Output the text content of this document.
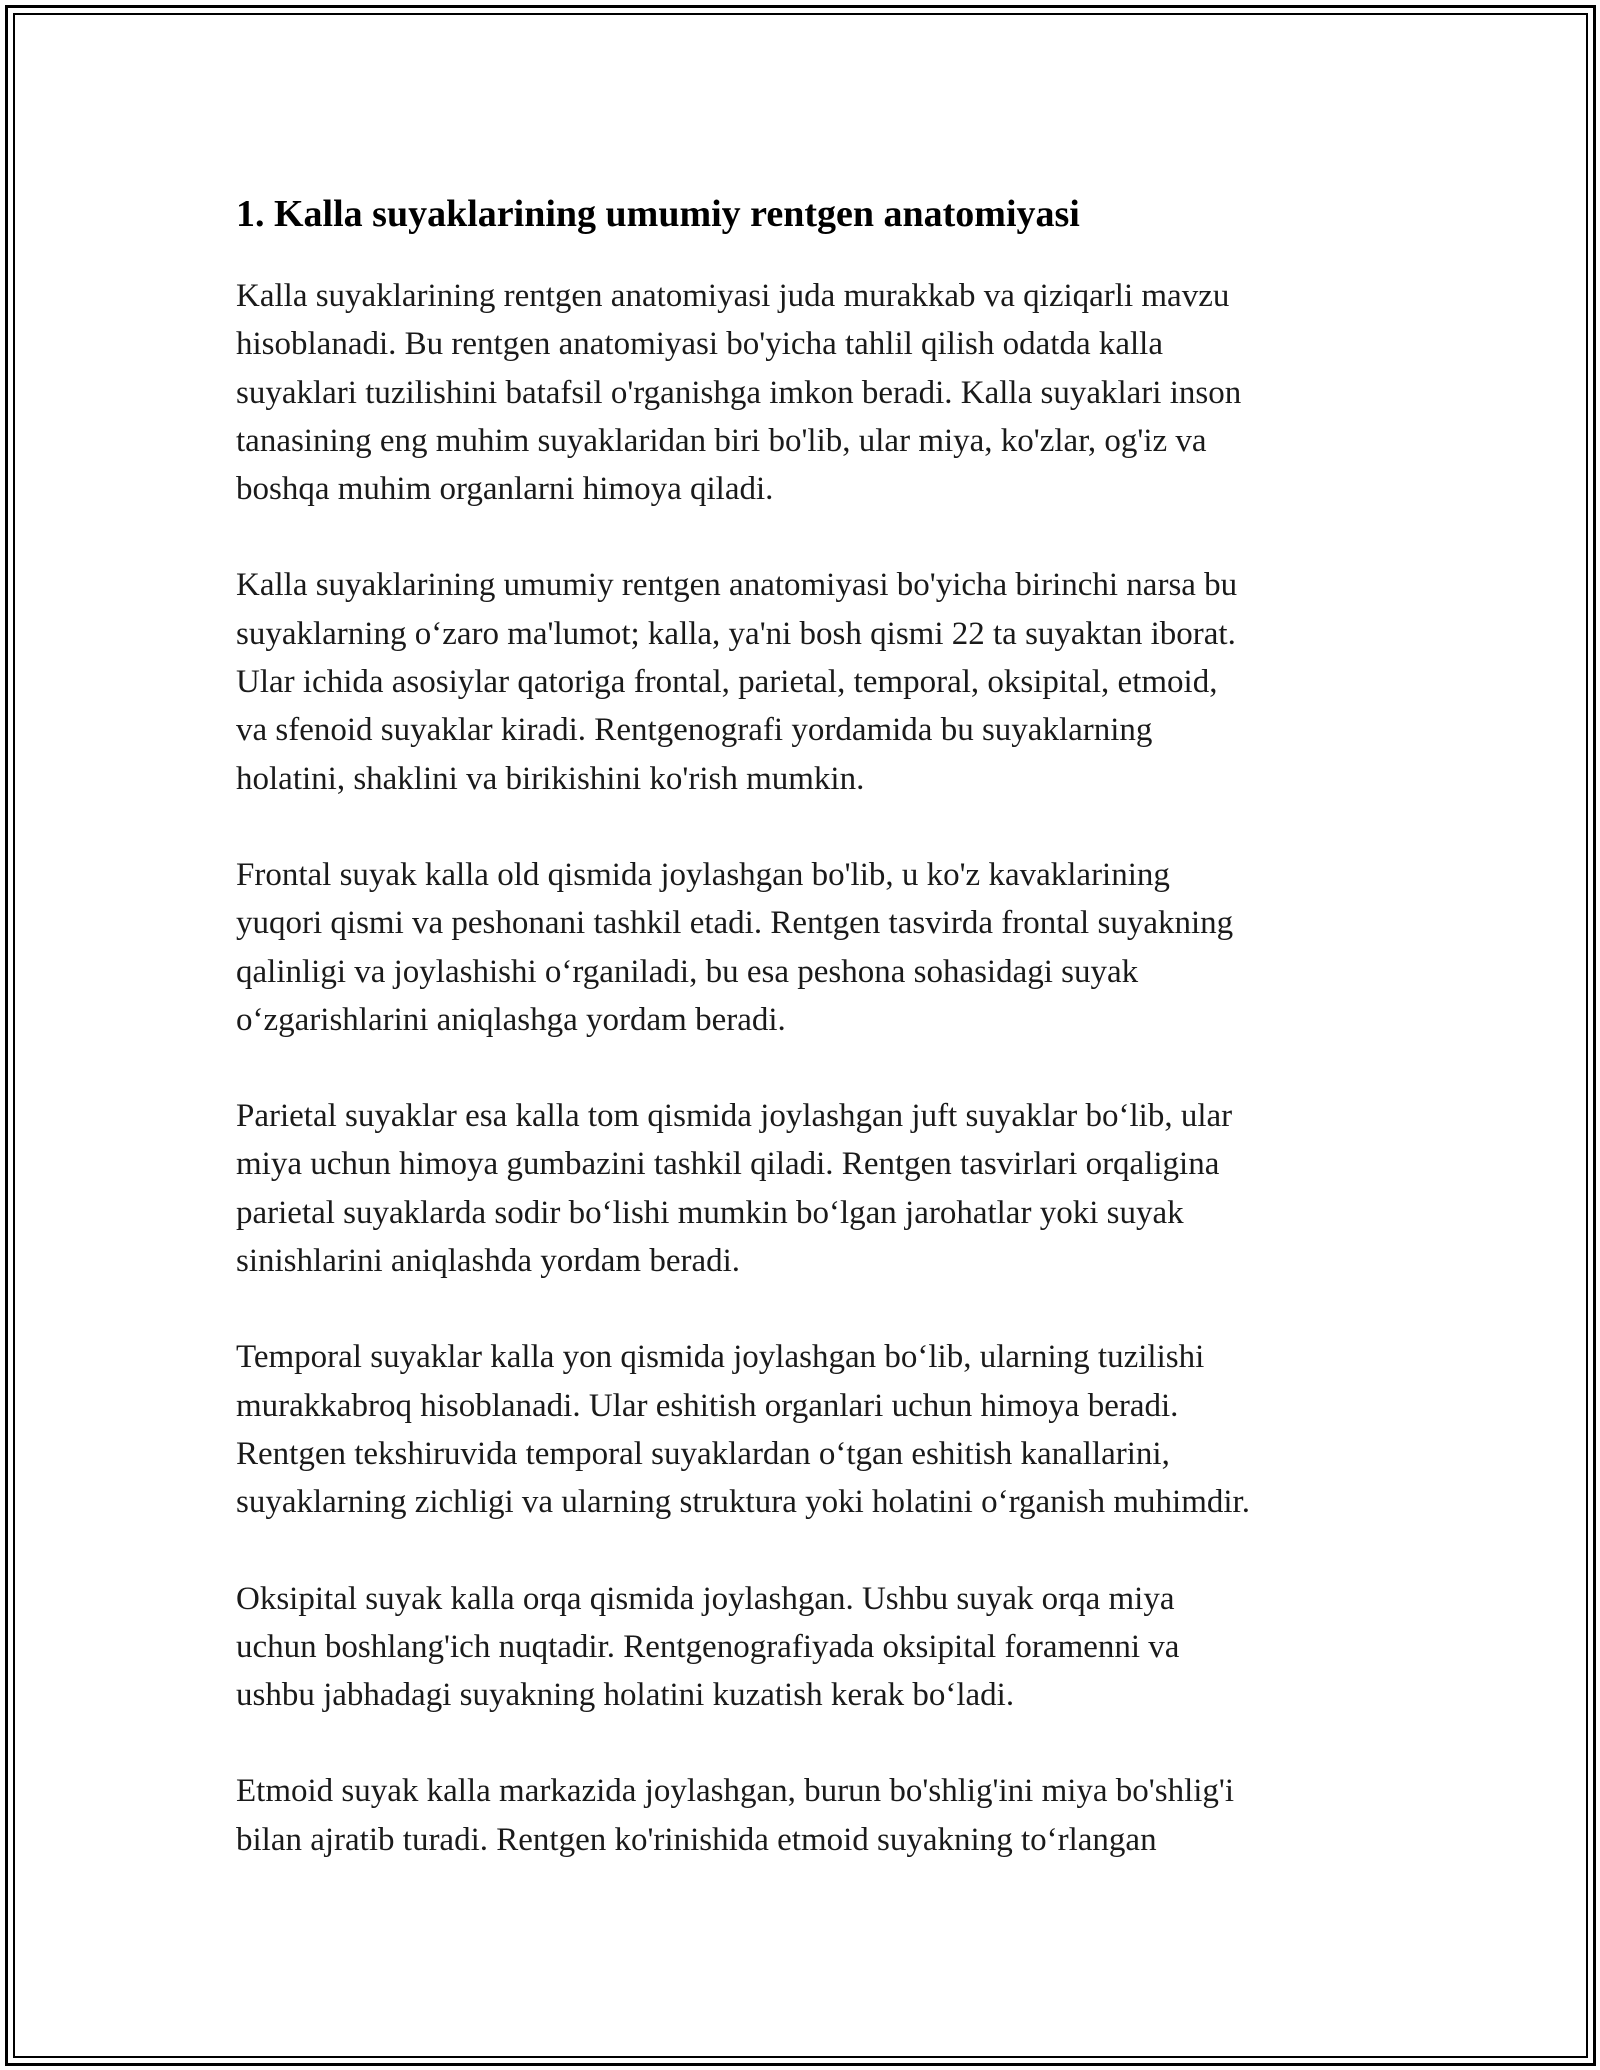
1. Kalla suyaklarining umumiy rentgen anatomiyasi

Kalla suyaklarining rentgen anatomiyasi juda murakkab va qiziqarli mavzu
hisoblanadi. Bu rentgen anatomiyasi bo'yicha tahlil qilish odatda kalla
suyaklari tuzilishini batafsil o'rganishga imkon beradi. Kalla suyaklari inson
tanasining eng muhim suyaklaridan biri bo'lib, ular miya, ko'zlar, og'iz va
boshqa muhim organlarni himoya qiladi.

Kalla suyaklarining umumiy rentgen anatomiyasi bo'yicha birinchi narsa bu
suyaklarning oʻzaro ma'lumot; kalla, ya'ni bosh qismi 22 ta suyaktan iborat.
Ular ichida asosiylar qatoriga frontal, parietal, temporal, oksipital, etmoid,
va sfenoid suyaklar kiradi. Rentgenografi yordamida bu suyaklarning
holatini, shaklini va birikishini ko'rish mumkin.

Frontal suyak kalla old qismida joylashgan bo'lib, u ko'z kavaklarining
yuqori qismi va peshonani tashkil etadi. Rentgen tasvirda frontal suyakning
qalinligi va joylashishi oʻrganiladi, bu esa peshona sohasidagi suyak
oʻzgarishlarini aniqlashga yordam beradi.

Parietal suyaklar esa kalla tom qismida joylashgan juft suyaklar boʻlib, ular
miya uchun himoya gumbazini tashkil qiladi. Rentgen tasvirlari orqaligina
parietal suyaklarda sodir boʻlishi mumkin boʻlgan jarohatlar yoki suyak
sinishlarini aniqlashda yordam beradi.

Temporal suyaklar kalla yon qismida joylashgan boʻlib, ularning tuzilishi
murakkabroq hisoblanadi. Ular eshitish organlari uchun himoya beradi.
Rentgen tekshiruvida temporal suyaklardan oʻtgan eshitish kanallarini,
suyaklarning zichligi va ularning struktura yoki holatini oʻrganish muhimdir.

Oksipital suyak kalla orqa qismida joylashgan. Ushbu suyak orqa miya
uchun boshlang'ich nuqtadir. Rentgenografiyada oksipital foramenni va
ushbu jabhadagi suyakning holatini kuzatish kerak boʻladi.

Etmoid suyak kalla markazida joylashgan, burun bo'shlig'ini miya bo'shlig'i
bilan ajratib turadi. Rentgen ko'rinishida etmoid suyakning toʻrlangan
